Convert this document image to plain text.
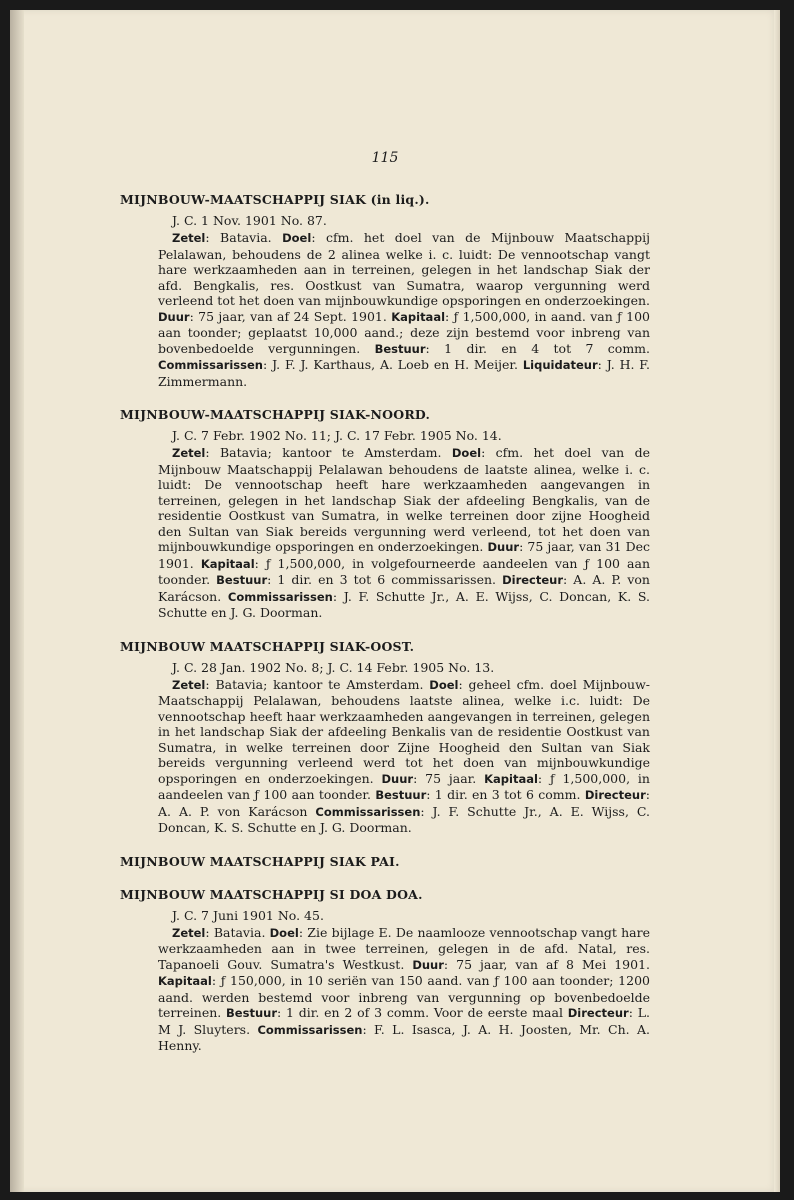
115
MIJNBOUW-MAATSCHAPPIJ SIAK (in liq.).
J. C. 1 Nov. 1901 No. 87.

Zetel: Batavia. Doel: cfm. het doel van de Mijnbouw Maatschappij Pelalawan, behoudens de 2 alinea welke i. c. luidt: De vennootschap vangt hare werkzaamheden aan in terreinen, gelegen in het landschap Siak der afd. Bengkalis, res. Oostkust van Sumatra, waarop vergunning werd verleend tot het doen van mijnbouwkundige opsporingen en onderzoekingen. Duur: 75 jaar, van af 24 Sept. 1901. Kapitaal: ƒ 1,500,000, in aand. van ƒ 100 aan toonder; geplaatst 10,000 aand.; deze zijn bestemd voor inbreng van bovenbedoelde vergunningen. Bestuur: 1 dir. en 4 tot 7 comm. Commissarissen: J. F. J. Karthaus, A. Loeb en H. Meijer. Liquidateur: J. H. F. Zimmermann.

MIJNBOUW-MAATSCHAPPIJ SIAK-NOORD.
J. C. 7 Febr. 1902 No. 11; J. C. 17 Febr. 1905 No. 14.

Zetel: Batavia; kantoor te Amsterdam. Doel: cfm. het doel van de Mijnbouw Maatschappij Pelalawan behoudens de laatste alinea, welke i. c. luidt: De vennootschap heeft hare werkzaamheden aangevangen in terreinen, gelegen in het landschap Siak der afdeeling Bengkalis, van de residentie Oostkust van Sumatra, in welke terreinen door zijne Hoogheid den Sultan van Siak bereids vergunning werd verleend, tot het doen van mijnbouwkundige opsporingen en onderzoekingen. Duur: 75 jaar, van 31 Dec 1901. Kapitaal: ƒ 1,500,000, in volgefourneerde aandeelen van ƒ 100 aan toonder. Bestuur: 1 dir. en 3 tot 6 commissarissen. Directeur: A. A. P. von Karácson. Commissarissen: J. F. Schutte Jr., A. E. Wijss, C. Doncan, K. S. Schutte en J. G. Doorman.

MIJNBOUW MAATSCHAPPIJ SIAK-OOST.
J. C. 28 Jan. 1902 No. 8; J. C. 14 Febr. 1905 No. 13.

Zetel: Batavia; kantoor te Amsterdam. Doel: geheel cfm. doel Mijnbouw-Maatschappij Pelalawan, behoudens laatste alinea, welke i.c. luidt: De vennootschap heeft haar werkzaamheden aangevangen in terreinen, gelegen in het landschap Siak der afdeeling Benkalis van de residentie Oostkust van Sumatra, in welke terreinen door Zijne Hoogheid den Sultan van Siak bereids vergunning verleend werd tot het doen van mijnbouwkundige opsporingen en onderzoekingen. Duur: 75 jaar. Kapitaal: ƒ 1,500,000, in aandeelen van ƒ 100 aan toonder. Bestuur: 1 dir. en 3 tot 6 comm. Directeur: A. A. P. von Karácson Commissarissen: J. F. Schutte Jr., A. E. Wijss, C. Doncan, K. S. Schutte en J. G. Doorman.

MIJNBOUW MAATSCHAPPIJ SIAK PAI.
MIJNBOUW MAATSCHAPPIJ SI DOA DOA.
J. C. 7 Juni 1901 No. 45.

Zetel: Batavia. Doel: Zie bijlage E. De naamlooze vennootschap vangt hare werkzaamheden aan in twee terreinen, gelegen in de afd. Natal, res. Tapanoeli Gouv. Sumatra's Westkust. Duur: 75 jaar, van af 8 Mei 1901. Kapitaal: ƒ 150,000, in 10 seriën van 150 aand. van ƒ 100 aan toonder; 1200 aand. werden bestemd voor inbreng van vergunning op bovenbedoelde terreinen. Bestuur: 1 dir. en 2 of 3 comm. Voor de eerste maal Directeur: L. M J. Sluyters. Commissarissen: F. L. Isasca, J. A. H. Joosten, Mr. Ch. A. Henny.
